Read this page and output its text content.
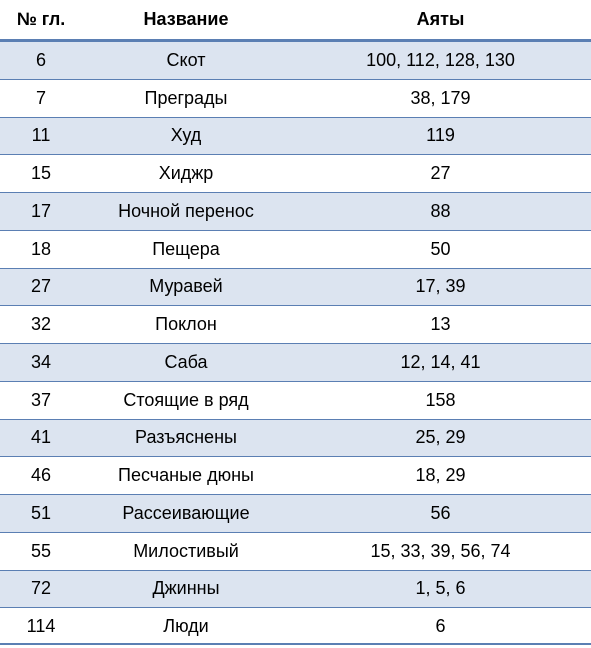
№ гл.	Название	Аяты
6	Скот	100, 112, 128, 130
7	Преграды	38, 179
11	Худ	119
15	Хиджр	27
17	Ночной перенос	88
18	Пещера	50
27	Муравей	17, 39
32	Поклон	13
34	Саба	12, 14, 41
37	Стоящие в ряд	158
41	Разъяснены	25, 29
46	Песчаные дюны	18, 29
51	Рассеивающие	56
55	Милостивый	15, 33, 39, 56, 74
72	Джинны	1, 5, 6
114	Люди	6
